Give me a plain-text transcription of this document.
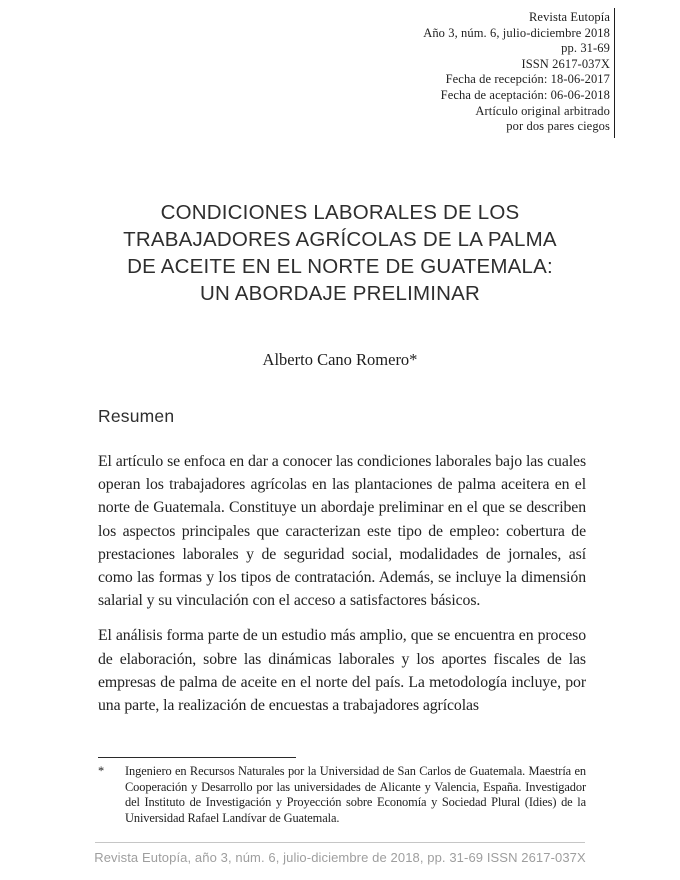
Revista Eutopía
Año 3, núm. 6, julio-diciembre 2018
pp. 31-69
ISSN 2617-037X
Fecha de recepción: 18-06-2017
Fecha de aceptación: 06-06-2018
Artículo original arbitrado
por dos pares ciegos
CONDICIONES LABORALES DE LOS
TRABAJADORES AGRÍCOLAS DE LA PALMA
DE ACEITE EN EL NORTE DE GUATEMALA:
UN ABORDAJE PRELIMINAR
Alberto Cano Romero*
Resumen

El artículo se enfoca en dar a conocer las condiciones laborales bajo las cuales operan los trabajadores agrícolas en las plantaciones de palma aceitera en el norte de Guatemala. Constituye un abordaje preliminar en el que se describen los aspectos principales que caracterizan este tipo de empleo: cobertura de prestaciones laborales y de seguridad social, modalidades de jornales, así como las formas y los tipos de contratación. Además, se incluye la dimensión salarial y su vinculación con el acceso a satisfactores básicos.

El análisis forma parte de un estudio más amplio, que se encuentra en proceso de elaboración, sobre las dinámicas laborales y los aportes fiscales de las empresas de palma de aceite en el norte del país. La metodología incluye, por una parte, la realización de encuestas a trabajadores agrícolas

*	Ingeniero en Recursos Naturales por la Universidad de San Carlos de Guatemala. Maestría en Cooperación y Desarrollo por las universidades de Alicante y Valencia, España. Investigador del Instituto de Investigación y Proyección sobre Economía y Sociedad Plural (Idies) de la Universidad Rafael Landívar de Guatemala.
Revista Eutopía, año 3, núm. 6, julio-diciembre de 2018, pp. 31-69 ISSN 2617-037X
